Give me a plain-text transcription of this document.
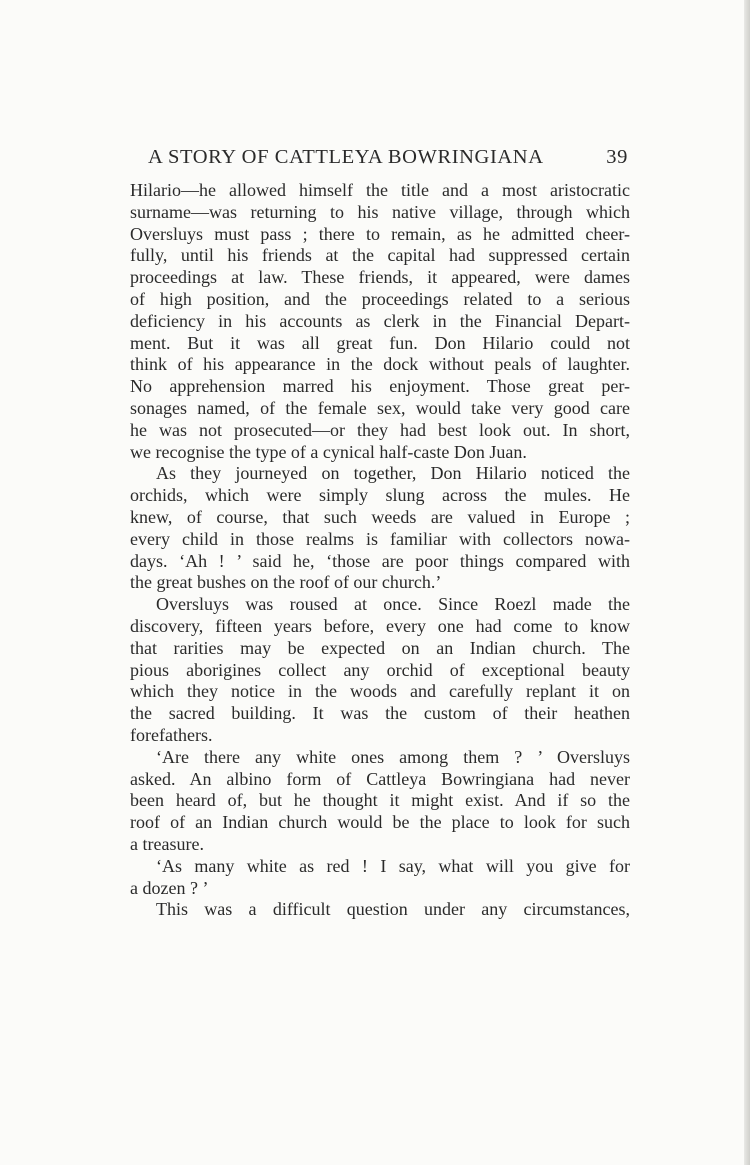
A STORY OF CATTLEYA BOWRINGIANA	39
Hilario—he allowed himself the title and a most aristocratic
surname—was returning to his native village, through which
Oversluys must pass ; there to remain, as he admitted cheer-
fully, until his friends at the capital had suppressed certain
proceedings at law. These friends, it appeared, were dames
of high position, and the proceedings related to a serious
deficiency in his accounts as clerk in the Financial Depart-
ment. But it was all great fun. Don Hilario could not
think of his appearance in the dock without peals of laughter.
No apprehension marred his enjoyment. Those great per-
sonages named, of the female sex, would take very good care
he was not prosecuted—or they had best look out. In short,
we recognise the type of a cynical half-caste Don Juan.
As they journeyed on together, Don Hilario noticed the
orchids, which were simply slung across the mules. He
knew, of course, that such weeds are valued in Europe ;
every child in those realms is familiar with collectors nowa-
days. ‘Ah ! ’ said he, ‘those are poor things compared with
the great bushes on the roof of our church.’
Oversluys was roused at once. Since Roezl made the
discovery, fifteen years before, every one had come to know
that rarities may be expected on an Indian church. The
pious aborigines collect any orchid of exceptional beauty
which they notice in the woods and carefully replant it on
the sacred building. It was the custom of their heathen
forefathers.
‘Are there any white ones among them ? ’ Oversluys
asked. An albino form of Cattleya Bowringiana had never
been heard of, but he thought it might exist. And if so the
roof of an Indian church would be the place to look for such
a treasure.
‘As many white as red ! I say, what will you give for
a dozen ? ’
This was a difficult question under any circumstances,
